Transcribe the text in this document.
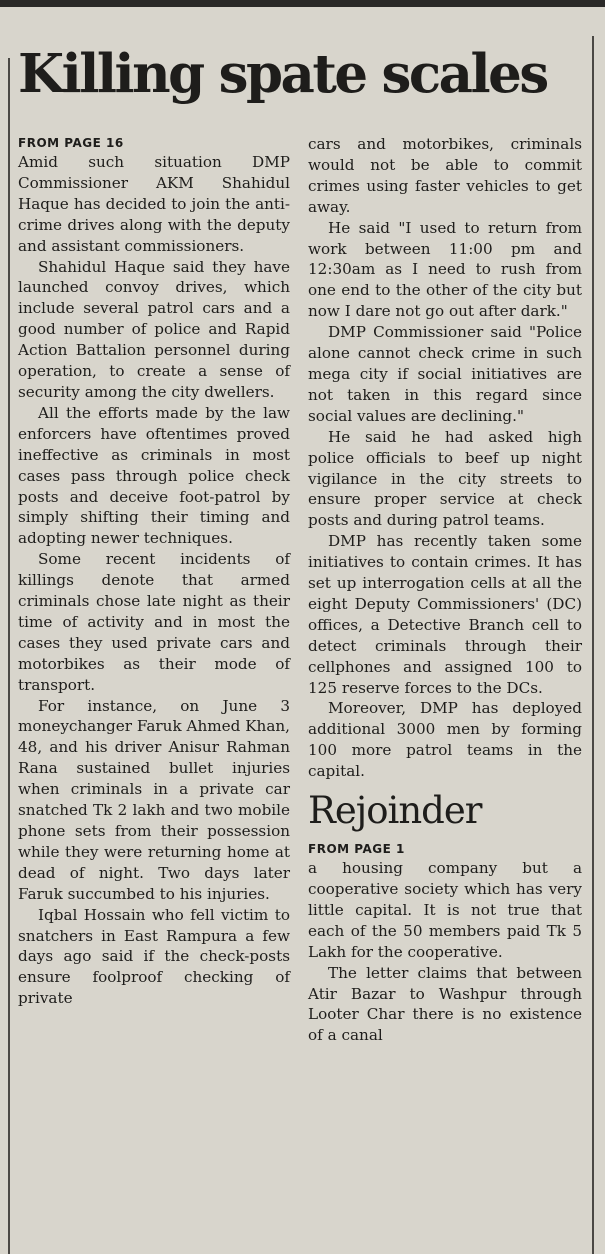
Killing spate scales
FROM PAGE 16

Amid such situation DMP Commissioner AKM Shahidul Haque has decided to join the anti-crime drives along with the deputy and assistant commissioners.

Shahidul Haque said they have launched convoy drives, which include several patrol cars and a good number of police and Rapid Action Battalion personnel during operation, to create a sense of security among the city dwellers.

All the efforts made by the law enforcers have oftentimes proved ineffective as criminals in most cases pass through police check posts and deceive foot-patrol by simply shifting their timing and adopting newer techniques.

Some recent incidents of killings denote that armed criminals chose late night as their time of activity and in most the cases they used private cars and motorbikes as their mode of transport.

For instance, on June 3 moneychanger Faruk Ahmed Khan, 48, and his driver Anisur Rahman Rana sustained bullet injuries when criminals in a private car snatched Tk 2 lakh and two mobile phone sets from their possession while they were returning home at dead of night. Two days later Faruk succumbed to his injuries.

Iqbal Hossain who fell victim to snatchers in East Rampura a few days ago said if the check-posts ensure foolproof checking of private

cars and motorbikes, criminals would not be able to commit crimes using faster vehicles to get away.

He said "I used to return from work between 11:00 pm and 12:30am as I need to rush from one end to the other of the city but now I dare not go out after dark."

DMP Commissioner said "Police alone cannot check crime in such mega city if social initiatives are not taken in this regard since social values are declining."

He said he had asked high police officials to beef up night vigilance in the city streets to ensure proper service at check posts and during patrol teams.

DMP has recently taken some initiatives to contain crimes. It has set up interrogation cells at all the eight Deputy Commissioners' (DC) offices, a Detective Branch cell to detect criminals through their cellphones and assigned 100 to 125 reserve forces to the DCs.

Moreover, DMP has deployed additional 3000 men by forming 100 more patrol teams in the capital.

Rejoinder
FROM PAGE 1

a housing company but a cooperative society which has very little capital. It is not true that each of the 50 members paid Tk 5 Lakh for the cooperative.

The letter claims that between Atir Bazar to Washpur through Looter Char there is no existence of a canal
